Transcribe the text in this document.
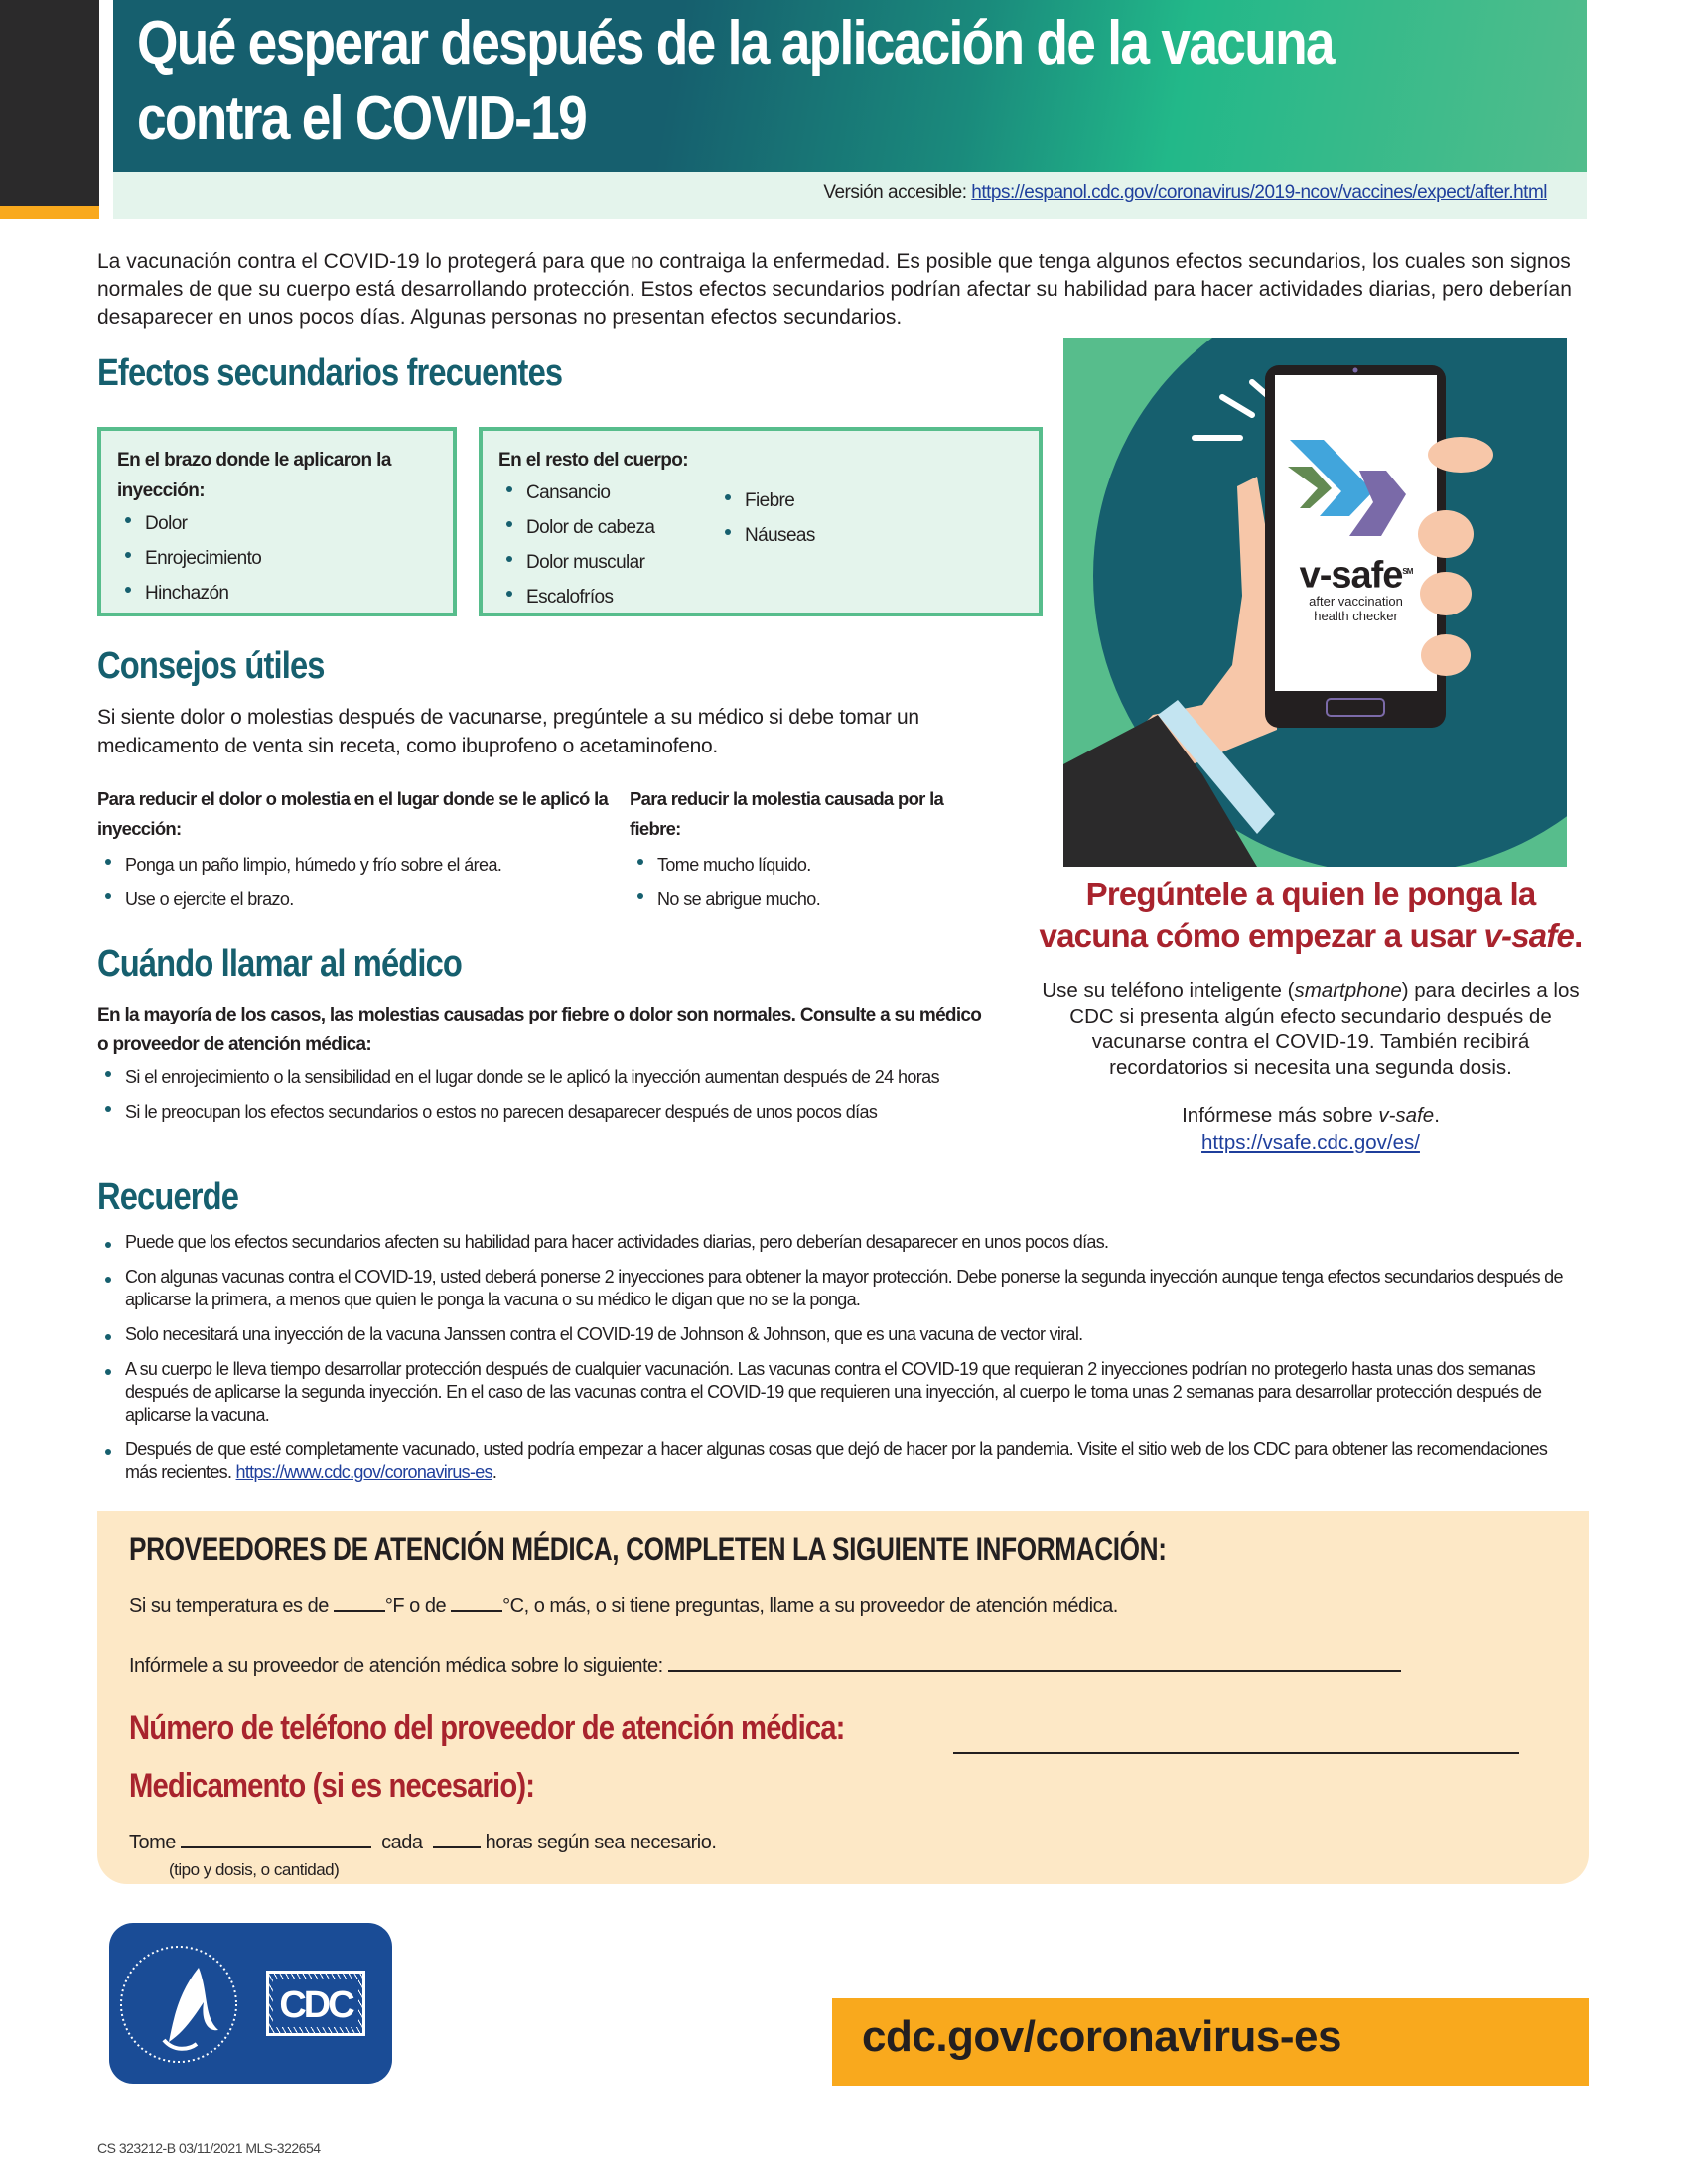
Qué esperar después de la aplicación de la vacuna
contra el COVID-19
Versión accesible: https://espanol.cdc.gov/coronavirus/2019-ncov/vaccines/expect/after.html
La vacunación contra el COVID-19 lo protegerá para que no contraiga la enfermedad. Es posible que tenga algunos efectos secundarios, los cuales son signos normales de que su cuerpo está desarrollando protección. Estos efectos secundarios podrían afectar su habilidad para hacer actividades diarias, pero deberían desaparecer en unos pocos días. Algunas personas no presentan efectos secundarios.
Efectos secundarios frecuentes
En el brazo donde le aplicaron la inyección:
Dolor
Enrojecimiento
Hinchazón
En el resto del cuerpo:
Cansancio
Dolor de cabeza
Dolor muscular
Escalofríos
Fiebre
Náuseas
Consejos útiles
Si siente dolor o molestias después de vacunarse, pregúntele a su médico si debe tomar un medicamento de venta sin receta, como ibuprofeno o acetaminofeno.
Para reducir el dolor o molestia en el lugar donde se le aplicó la inyección:
Ponga un paño limpio, húmedo y frío sobre el área.
Use o ejercite el brazo.
Para reducir la molestia causada por la fiebre:
Tome mucho líquido.
No se abrigue mucho.
Cuándo llamar al médico
En la mayoría de los casos, las molestias causadas por fiebre o dolor son normales. Consulte a su médico o proveedor de atención médica:
Si el enrojecimiento o la sensibilidad en el lugar donde se le aplicó la inyección aumentan después de 24 horas
Si le preocupan los efectos secundarios o estos no parecen desaparecer después de unos pocos días
v-safe℠
after vaccination
health checker
Pregúntele a quien le ponga la vacuna cómo empezar a usar v-safe.
Use su teléfono inteligente (smartphone) para decirles a los CDC si presenta algún efecto secundario después de vacunarse contra el COVID-19. También recibirá recordatorios si necesita una segunda dosis.
Infórmese más sobre v-safe.
https://vsafe.cdc.gov/es/
Recuerde
Puede que los efectos secundarios afecten su habilidad para hacer actividades diarias, pero deberían desaparecer en unos pocos días.
Con algunas vacunas contra el COVID-19, usted deberá ponerse 2 inyecciones para obtener la mayor protección. Debe ponerse la segunda inyección aunque tenga efectos secundarios después de aplicarse la primera, a menos que quien le ponga la vacuna o su médico le digan que no se la ponga.
Solo necesitará una inyección de la vacuna Janssen contra el COVID-19 de Johnson & Johnson, que es una vacuna de vector viral.
A su cuerpo le lleva tiempo desarrollar protección después de cualquier vacunación. Las vacunas contra el COVID-19 que requieran 2 inyecciones podrían no protegerlo hasta unas dos semanas después de aplicarse la segunda inyección. En el caso de las vacunas contra el COVID-19 que requieren una inyección, al cuerpo le toma unas 2 semanas para desarrollar protección después de aplicarse la vacuna.
Después de que esté completamente vacunado, usted podría empezar a hacer algunas cosas que dejó de hacer por la pandemia. Visite el sitio web de los CDC para obtener las recomendaciones más recientes. https://www.cdc.gov/coronavirus-es.
PROVEEDORES DE ATENCIÓN MÉDICA, COMPLETEN LA SIGUIENTE INFORMACIÓN:
Si su temperatura es de	°F o de	°C, o más, o si tiene preguntas, llame a su proveedor de atención médica.
Infórmele a su proveedor de atención médica sobre lo siguiente:
Número de teléfono del proveedor de atención médica:
Medicamento (si es necesario):
Tome	cada	horas según sea necesario.
(tipo y dosis, o cantidad)
CDC
cdc.gov/coronavirus-es
CS 323212-B 03/11/2021 MLS-322654
